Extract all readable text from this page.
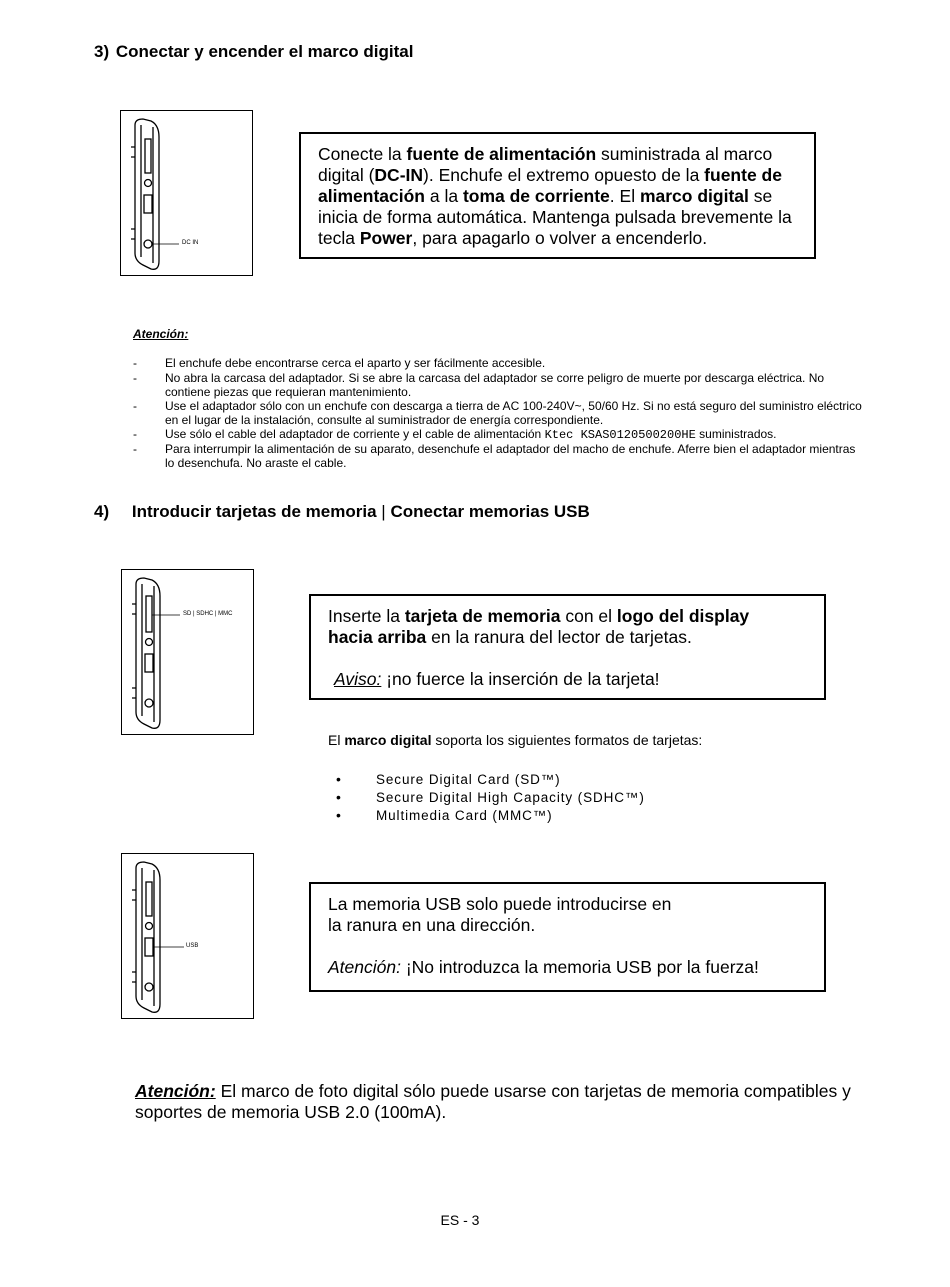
3) Conectar y encender el marco digital
DC IN
Conecte la fuente de alimentación suministrada al marco digital (DC-IN). Enchufe el extremo opuesto de la fuente de alimentación a la toma de corriente. El marco digital se inicia de forma automática. Mantenga pulsada brevemente la tecla Power, para apagarlo o volver a encenderlo.
Atención:
- El enchufe debe encontrarse cerca el aparto y ser fácilmente accesible.
- No abra la carcasa del adaptador. Si se abre la carcasa del adaptador se corre peligro de muerte por descarga eléctrica. No contiene piezas que requieran mantenimiento.
- Use el adaptador sólo con un enchufe con descarga a tierra de AC 100-240V~, 50/60 Hz. Si no está seguro del suministro eléctrico en el lugar de la instalación, consulte al suministrador de energía correspondiente.
- Use sólo el cable del adaptador de corriente y el cable de alimentación Ktec KSAS0120500200HE suministrados.
- Para interrumpir la alimentación de su aparato, desenchufe el adaptador del macho de enchufe. Aferre bien el adaptador mientras lo desenchufa. No araste el cable.
4) Introducir tarjetas de memoria | Conectar memorias USB
SD | SDHC | MMC	Inserte la tarjeta de memoria con el logo del display hacia arriba en la ranura del lector de tarjetas.
Aviso: ¡no fuerce la inserción de la tarjeta!
El marco digital soporta los siguientes formatos de tarjetas:
•	Secure Digital Card (SD™)
•	Secure Digital High Capacity (SDHC™)
•	Multimedia Card (MMC™)
USB
La memoria USB solo puede introducirse en
la ranura en una dirección.
Atención: ¡No introduzca la memoria USB por la fuerza!
Atención: El marco de foto digital sólo puede usarse con tarjetas de memoria compatibles y soportes de memoria USB 2.0 (100mA).
ES - 3
